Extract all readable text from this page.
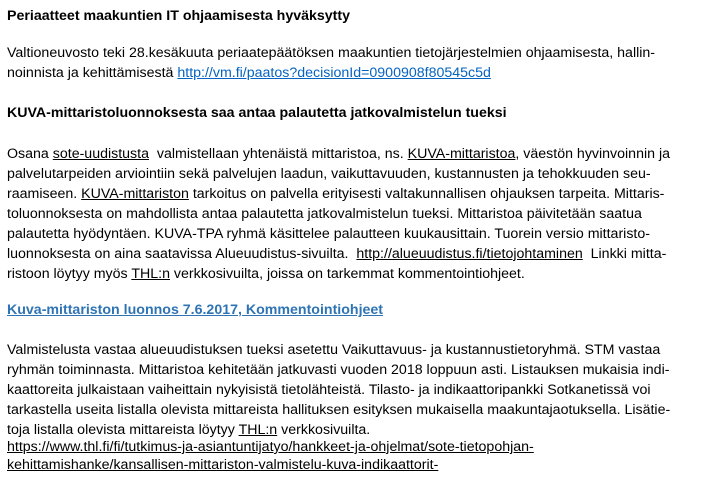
Periaatteet maakuntien IT ohjaamisesta hyväksytty
Valtioneuvosto teki 28.kesäkuuta periaatepäätöksen maakuntien tietojärjestelmien ohjaamisesta, hallin-
noinnista ja kehittämisestä http://vm.fi/paatos?decisionId=0900908f80545c5d
KUVA-mittaristoluonnoksesta saa antaa palautetta jatkovalmistelun tueksi
Osana sote-uudistusta valmistellaan yhtenäistä mittaristoa, ns. KUVA-mittaristoa, väestön hyvinvoinnin ja
palvelutarpeiden arviointiin sekä palvelujen laadun, vaikuttavuuden, kustannusten ja tehokkuuden seu-
raamiseen. KUVA-mittariston tarkoitus on palvella erityisesti valtakunnallisen ohjauksen tarpeita. Mittaris-
toluonnoksesta on mahdollista antaa palautetta jatkovalmistelun tueksi. Mittaristoa päivitetään saatua
palautetta hyödyntäen. KUVA-TPA ryhmä käsittelee palautteen kuukausittain. Tuorein versio mittaristo-
luonnoksesta on aina saatavissa Alueuudistus-sivuilta. http://alueuudistus.fi/tietojohtaminen Linkki mitta-
ristoon löytyy myös THL:n verkkosivuilta, joissa on tarkemmat kommentointiohjeet.
Kuva-mittariston luonnos 7.6.2017, Kommentointiohjeet
Valmistelusta vastaa alueuudistuksen tueksi asetettu Vaikuttavuus- ja kustannustietoryhmä. STM vastaa
ryhmän toiminnasta. Mittaristoa kehitetään jatkuvasti vuoden 2018 loppuun asti. Listauksen mukaisia indi-
kaattoreita julkaistaan vaiheittain nykyisistä tietolähteistä. Tilasto- ja indikaattoripankki Sotkanetissä voi
tarkastella useita listalla olevista mittareista hallituksen esityksen mukaisella maakuntajaotuksella. Lisätie-
toja listalla olevista mittareista löytyy THL:n verkkosivuilta.
https://www.thl.fi/fi/tutkimus-ja-asiantuntijatyo/hankkeet-ja-ohjelmat/sote-tietopohjan-
kehittamishanke/kansallisen-mittariston-valmistelu-kuva-indikaattorit-
